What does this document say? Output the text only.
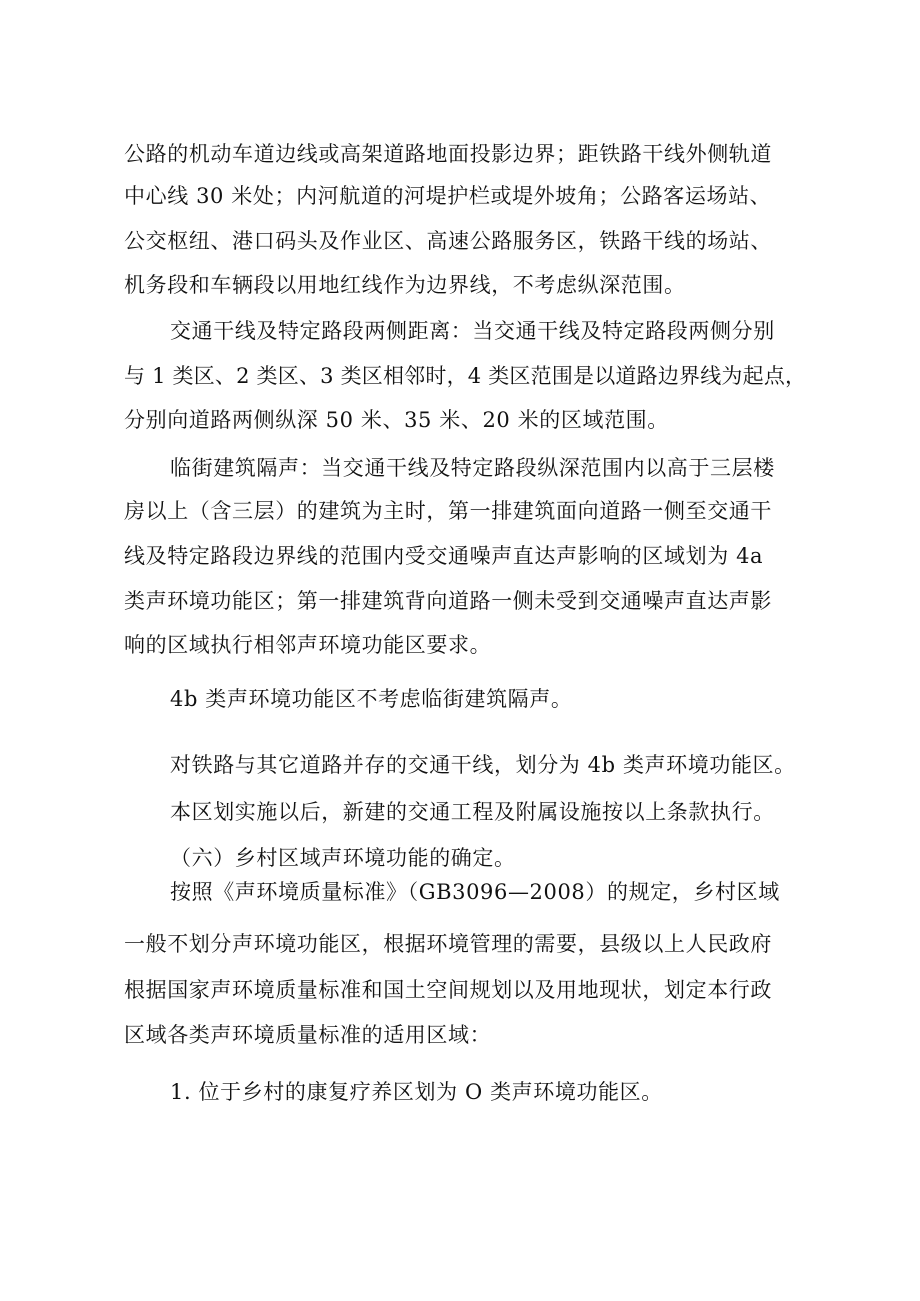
公路的机动车道边线或高架道路地面投影边界；距铁路干线外侧轨道
中心线 30 米处；内河航道的河堤护栏或堤外坡角；公路客运场站、
公交枢纽、港口码头及作业区、高速公路服务区，铁路干线的场站、
机务段和车辆段以用地红线作为边界线，不考虑纵深范围。
交通干线及特定路段两侧距离：当交通干线及特定路段两侧分别
与 1 类区、2 类区、3 类区相邻时，4 类区范围是以道路边界线为起点，
分别向道路两侧纵深 50 米、35 米、20 米的区域范围。
临街建筑隔声：当交通干线及特定路段纵深范围内以高于三层楼
房以上（含三层）的建筑为主时，第一排建筑面向道路一侧至交通干
线及特定路段边界线的范围内受交通噪声直达声影响的区域划为 4a
类声环境功能区；第一排建筑背向道路一侧未受到交通噪声直达声影
响的区域执行相邻声环境功能区要求。
4b 类声环境功能区不考虑临街建筑隔声。
对铁路与其它道路并存的交通干线，划分为 4b 类声环境功能区。
本区划实施以后，新建的交通工程及附属设施按以上条款执行。
（六）乡村区域声环境功能的确定。
按照《声环境质量标准》（GB3096—2008）的规定，乡村区域
一般不划分声环境功能区，根据环境管理的需要，县级以上人民政府
根据国家声环境质量标准和国土空间规划以及用地现状，划定本行政
区域各类声环境质量标准的适用区域：
1. 位于乡村的康复疗养区划为 O 类声环境功能区。
